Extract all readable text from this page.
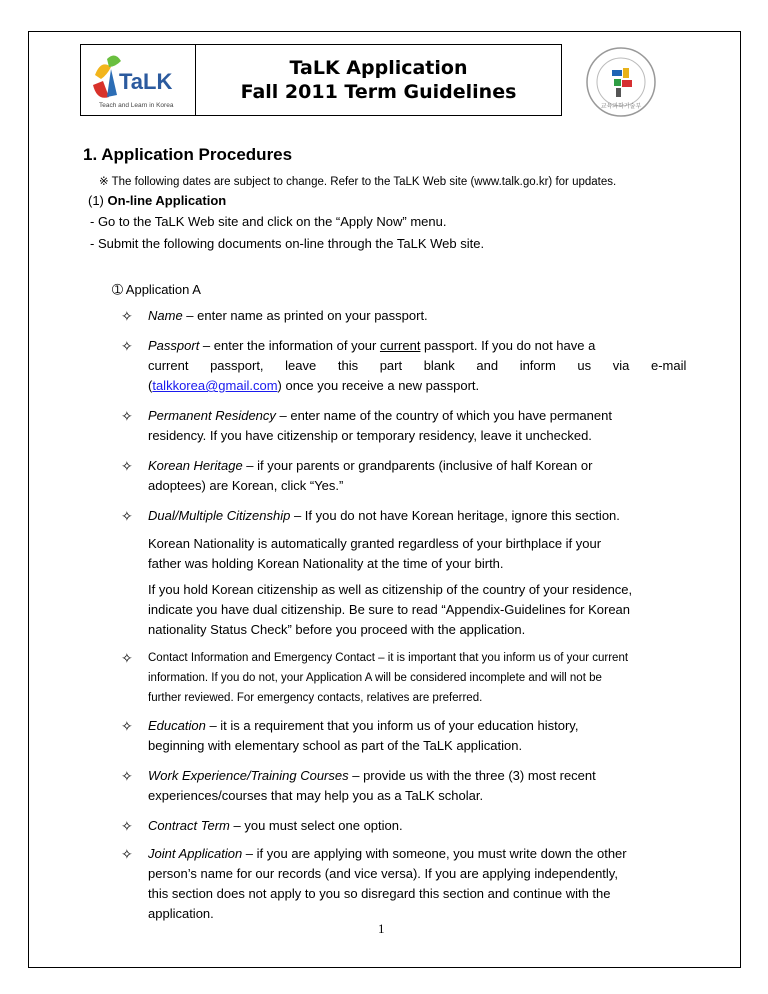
TaLK
Teach and Learn in Korea
TaLK Application
Fall 2011 Term Guidelines
교육과학기술부
1. Application Procedures
※ The following dates are subject to change. Refer to the TaLK Web site (www.talk.go.kr) for updates.
(1) On-line Application
- Go to the TaLK Web site and click on the “Apply Now” menu.
- Submit the following documents on-line through the TaLK Web site.
➀ Application A
✧ Name – enter name as printed on your passport.
✧ Passport – enter the information of your current passport. If you do not have a
current passport, leave this part blank and inform us via e-mail
(talkkorea@gmail.com) once you receive a new passport.
✧ Permanent Residency – enter name of the country of which you have permanent
residency. If you have citizenship or temporary residency, leave it unchecked.
✧ Korean Heritage – if your parents or grandparents (inclusive of half Korean or
adoptees) are Korean, click “Yes.”
✧ Dual/Multiple Citizenship – If you do not have Korean heritage, ignore this section.
Korean Nationality is automatically granted regardless of your birthplace if your
father was holding Korean Nationality at the time of your birth.
If you hold Korean citizenship as well as citizenship of the country of your residence,
indicate you have dual citizenship. Be sure to read “Appendix-Guidelines for Korean
nationality Status Check” before you proceed with the application.
✧ Contact Information and Emergency Contact – it is important that you inform us of your current
information. If you do not, your Application A will be considered incomplete and will not be
further reviewed. For emergency contacts, relatives are preferred.
✧ Education – it is a requirement that you inform us of your education history,
beginning with elementary school as part of the TaLK application.
✧ Work Experience/Training Courses – provide us with the three (3) most recent
experiences/courses that may help you as a TaLK scholar.
✧ Contract Term – you must select one option.
✧ Joint Application – if you are applying with someone, you must write down the other
person’s name for our records (and vice versa). If you are applying independently,
this section does not apply to you so disregard this section and continue with the
application.
1
